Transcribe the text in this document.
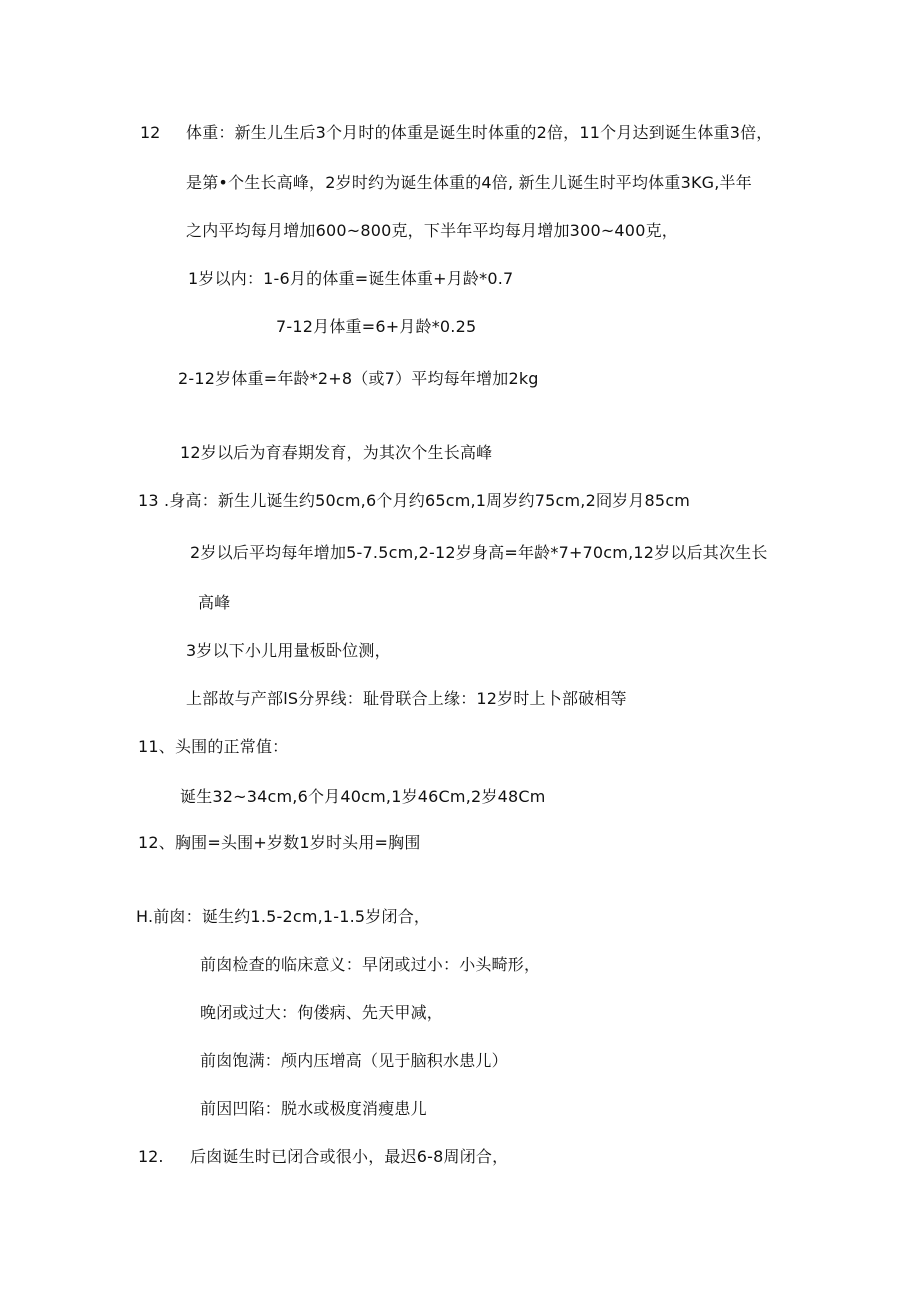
12 体重：新生儿生后3个月时的体重是诞生时体重的2倍，11个月达到诞生体重3倍，
是第•个生长高峰，2岁时约为诞生体重的4倍, 新生儿诞生时平均体重3KG,半年
之内平均每月增加600~800克，下半年平均每月增加300~400克，
1岁以内：1-6月的体重=诞生体重+月龄*0.7
7-12月体重=6+月龄*0.25
2-12岁体重=年龄*2+8（或7）平均每年增加2kg
12岁以后为育春期发育，为其次个生长高峰
13 .身高：新生儿诞生约50cm,6个月约65cm,1周岁约75cm,2冏岁月85cm
2岁以后平均每年增加5-7.5cm,2-12岁身高=年龄*7+70cm,12岁以后其次生长
高峰
3岁以下小儿用量板卧位测，
上部故与产部lS分界线：耻骨联合上缘：12岁时上卜部破相等
11、头围的正常值：
诞生32~34cm,6个月40cm,1岁46Cm,2岁48Cm
12、胸围=头围+岁数1岁时头用=胸围
H.前囱：诞生约1.5-2cm,1-1.5岁闭合，
前囱检查的临床意义：早闭或过小：小头畸形，
晚闭或过大：佝偻病、先天甲减，
前囱饱满：颅内压增高（见于脑积水患儿）
前因凹陷：脱水或极度消瘦患儿
12. 后囱诞生时已闭合或很小，最迟6-8周闭合，
